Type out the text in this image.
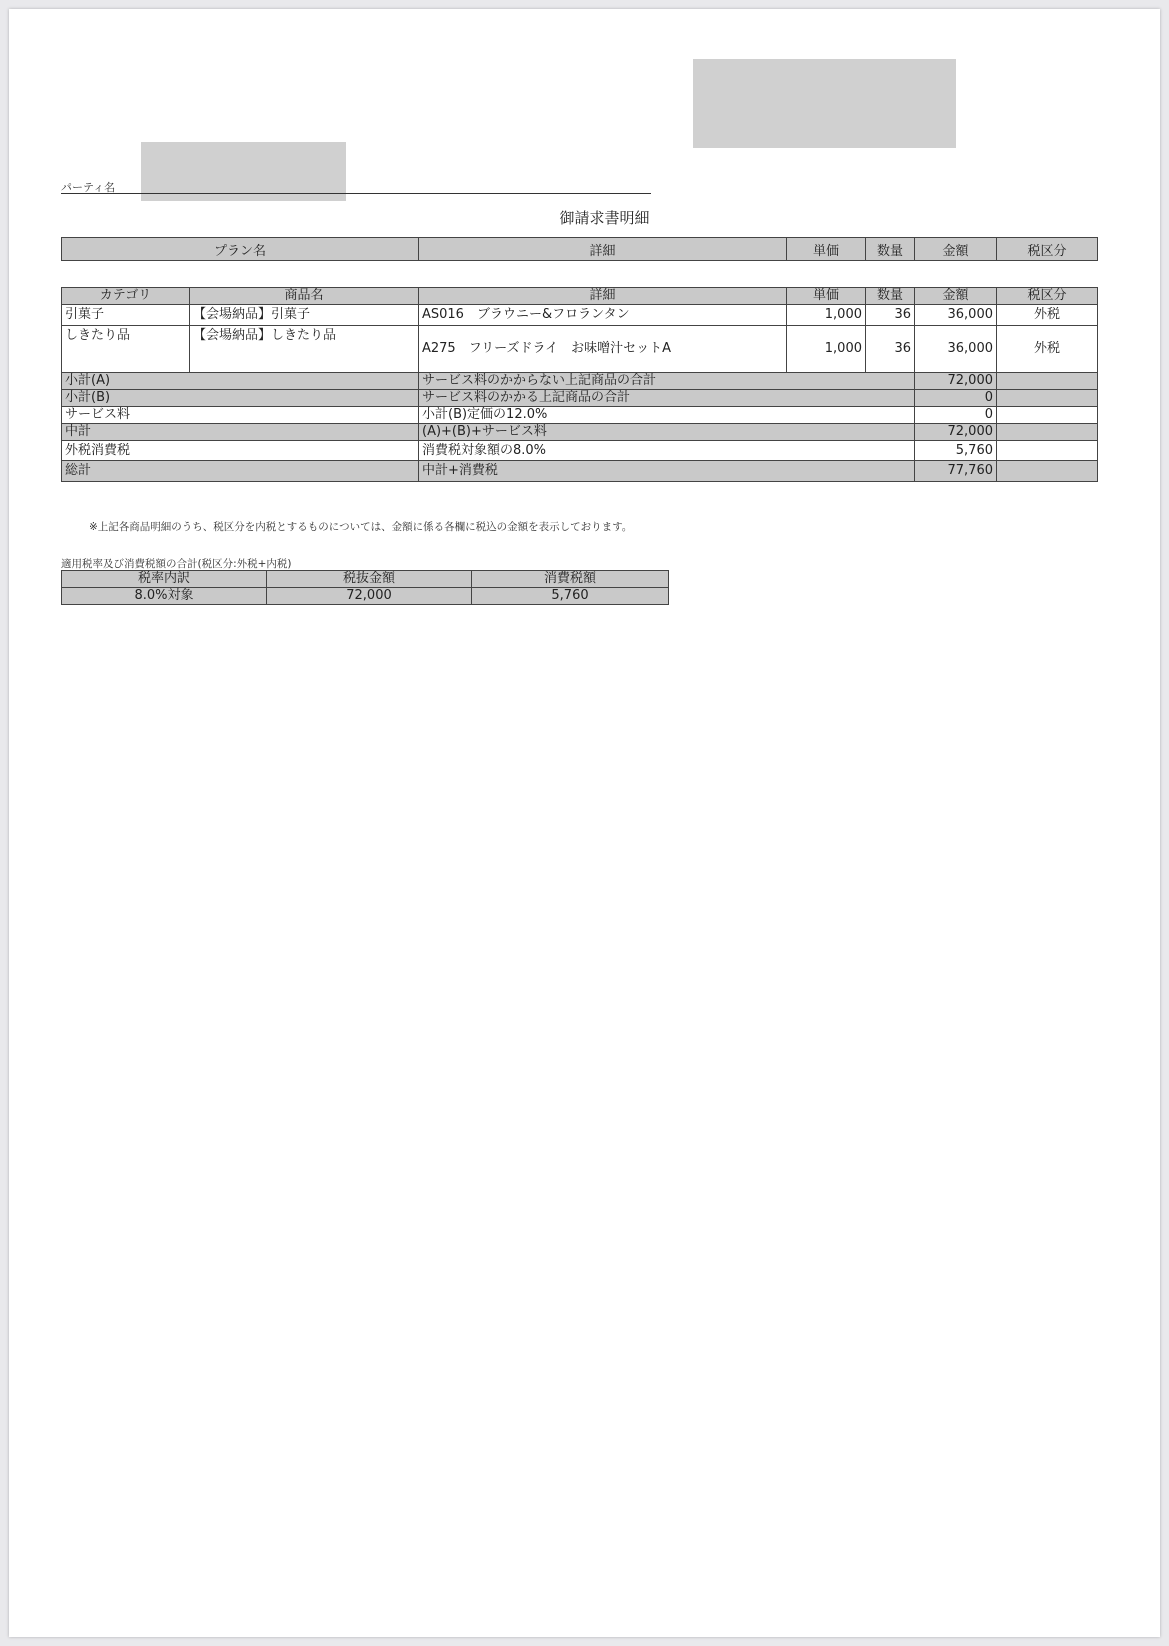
パーティ名
御請求書明細
プラン名	詳細	単価	数量	金額	税区分
カテゴリ	商品名	詳細	単価	数量	金額	税区分
引菓子	【会場納品】引菓子	AS016　ブラウニー&フロランタン	1,000	36	36,000	外税
しきたり品	【会場納品】しきたり品	A275　フリーズドライ　お味噌汁セットA	1,000	36	36,000	外税
小計(A)		サービス料のかからない上記商品の合計			72,000	
小計(B)		サービス料のかかる上記商品の合計			0	
サービス料		小計(B)定価の12.0%			0	
中計		(A)+(B)+サービス料			72,000	
外税消費税		消費税対象額の8.0%			5,760	
総計		中計+消費税			77,760	
※上記各商品明細のうち、税区分を内税とするものについては、金額に係る各欄に税込の金額を表示しております。
適用税率及び消費税額の合計(税区分:外税+内税)
税率内訳	税抜金額	消費税額
8.0%対象	72,000	5,760
